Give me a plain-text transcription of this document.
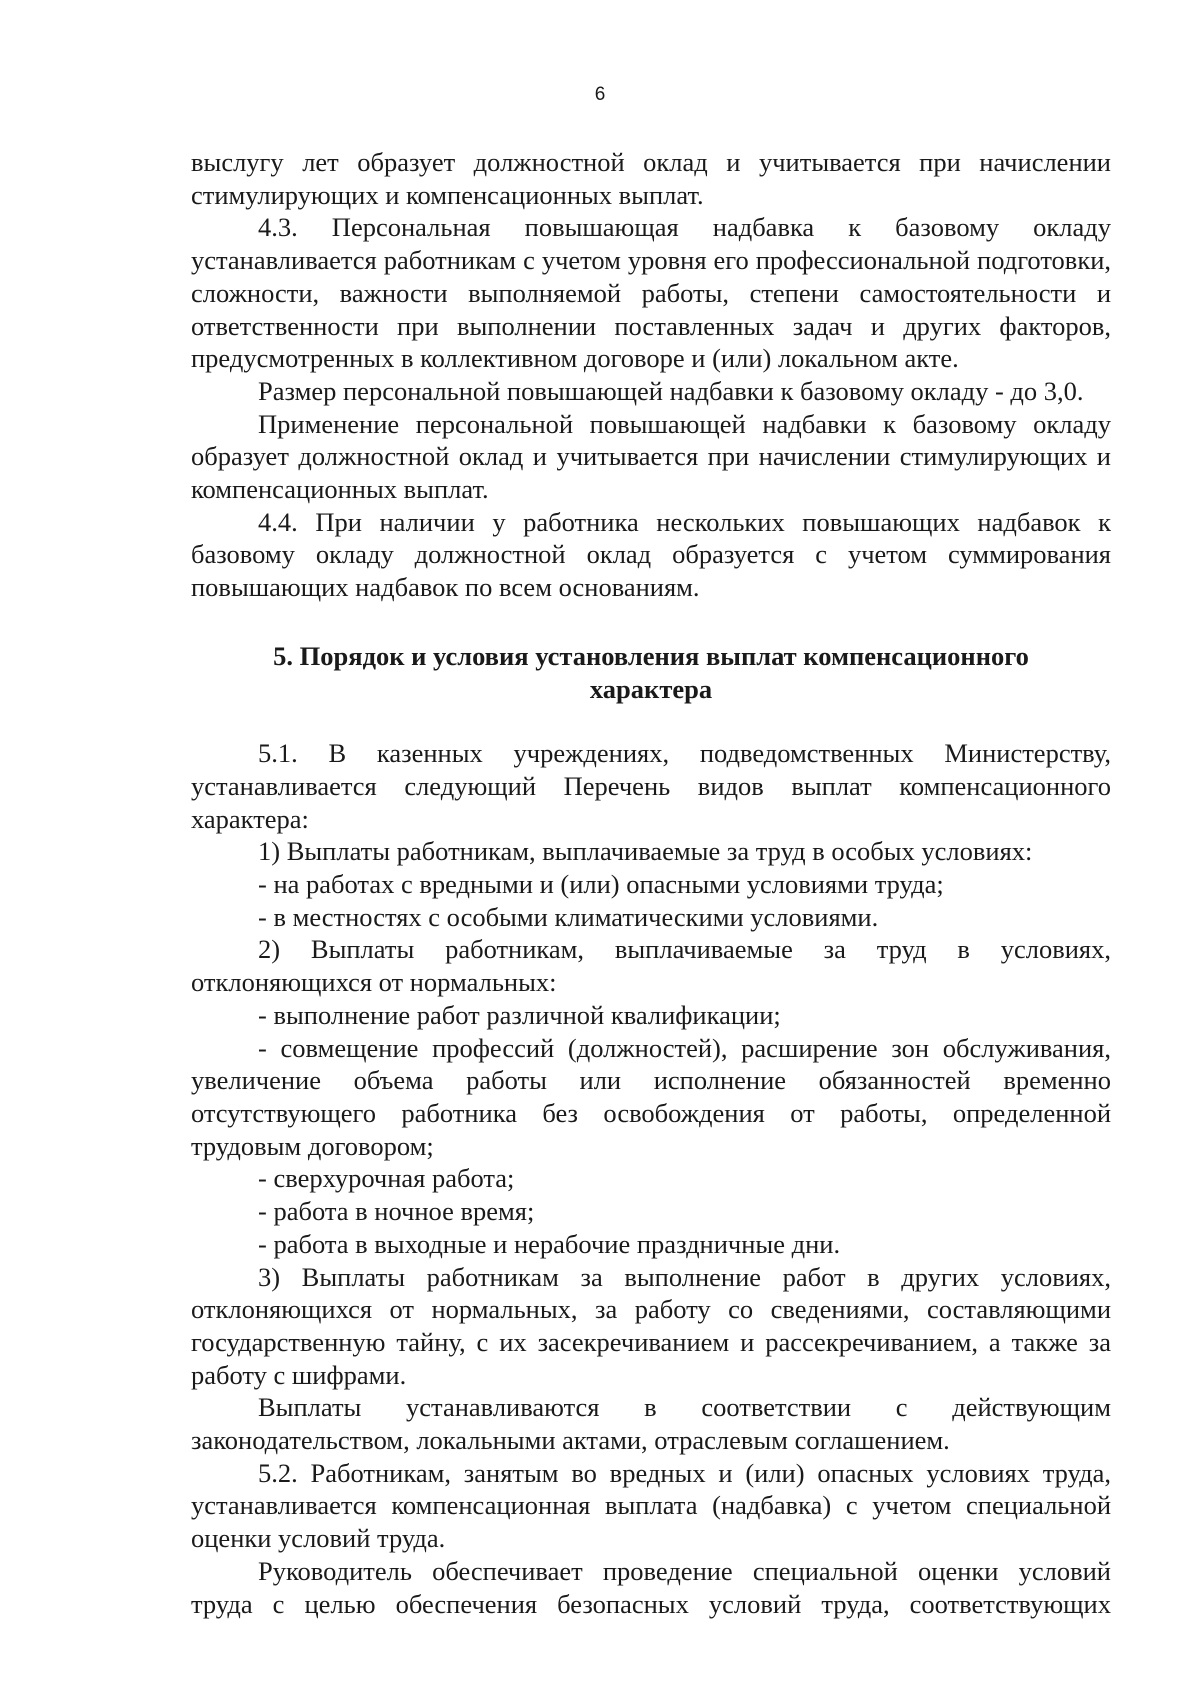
6

выслугу лет образует должностной оклад и учитывается при начислении стимулирующих и компенсационных выплат.

4.3. Персональная повышающая надбавка к базовому окладу устанавливается работникам с учетом уровня его профессиональной подготовки, сложности, важности выполняемой работы, степени самостоятельности и ответственности при выполнении поставленных задач и других факторов, предусмотренных в коллективном договоре и (или) локальном акте.

Размер персональной повышающей надбавки к базовому окладу - до 3,0.

Применение персональной повышающей надбавки к базовому окладу образует должностной оклад и учитывается при начислении стимулирующих и компенсационных выплат.

4.4. При наличии у работника нескольких повышающих надбавок к базовому окладу должностной оклад образуется с учетом суммирования повышающих надбавок по всем основаниям.

5. Порядок и условия установления выплат компенсационного характера

5.1. В казенных учреждениях, подведомственных Министерству, устанавливается следующий Перечень видов выплат компенсационного характера:

1) Выплаты работникам, выплачиваемые за труд в особых условиях:

- на работах с вредными и (или) опасными условиями труда;

- в местностях с особыми климатическими условиями.

2) Выплаты работникам, выплачиваемые за труд в условиях, отклоняющихся от нормальных:

- выполнение работ различной квалификации;

- совмещение профессий (должностей), расширение зон обслуживания, увеличение объема работы или исполнение обязанностей временно отсутствующего работника без освобождения от работы, определенной трудовым договором;

- сверхурочная работа;

- работа в ночное время;

- работа в выходные и нерабочие праздничные дни.

3) Выплаты работникам за выполнение работ в других условиях, отклоняющихся от нормальных, за работу со сведениями, составляющими государственную тайну, с их засекречиванием и рассекречиванием, а также за работу с шифрами.

Выплаты устанавливаются в соответствии с действующим законодательством, локальными актами, отраслевым соглашением.

5.2. Работникам, занятым во вредных и (или) опасных условиях труда, устанавливается компенсационная выплата (надбавка) с учетом специальной оценки условий труда.

Руководитель обеспечивает проведение специальной оценки условий труда с целью обеспечения безопасных условий труда, соответствующих
